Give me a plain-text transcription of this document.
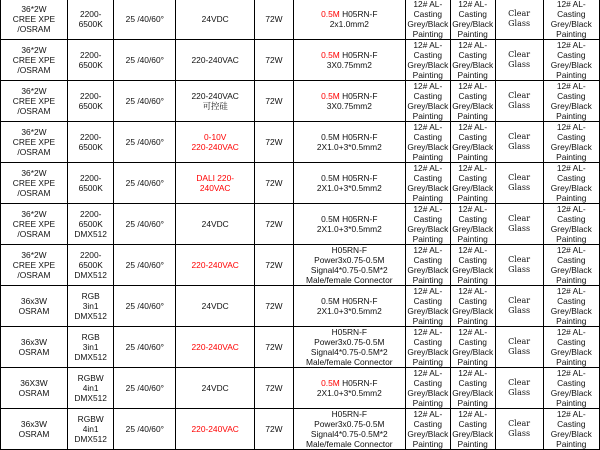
36*2W
CREE XPE
/OSRAM	2200-6500K	25 /40/60°	24VDC	72W	0.5M H05RN-F
2x1.0mm2	12# AL-
Casting
Grey/Black
Painting	12# AL-
Casting
Grey/Black
Painting	Clear Glass	12# AL-Casting
Grey/Black
Painting
36*2W
CREE XPE
/OSRAM	2200-6500K	25 /40/60°	220-240VAC	72W	0.5M H05RN-F
3X0.75mm2	12# AL-
Casting
Grey/Black
Painting	12# AL-
Casting
Grey/Black
Painting	Clear Glass	12# AL-Casting
Grey/Black
Painting
36*2W
CREE XPE
/OSRAM	2200-6500K	25 /40/60°	220-240VAC
可控硅	72W	0.5M H05RN-F
3X0.75mm2	12# AL-
Casting
Grey/Black
Painting	12# AL-
Casting
Grey/Black
Painting	Clear Glass	12# AL-Casting
Grey/Black
Painting
36*2W
CREE XPE
/OSRAM	2200-6500K	25 /40/60°	0-10V
220-240VAC	72W	0.5M H05RN-F
2X1.0+3*0.5mm2	12# AL-
Casting
Grey/Black
Painting	12# AL-
Casting
Grey/Black
Painting	Clear Glass	12# AL-Casting
Grey/Black
Painting
36*2W
CREE XPE
/OSRAM	2200-6500K	25 /40/60°	DALI 220-
240VAC	72W	0.5M H05RN-F
2X1.0+3*0.5mm2	12# AL-
Casting
Grey/Black
Painting	12# AL-
Casting
Grey/Black
Painting	Clear Glass	12# AL-Casting
Grey/Black
Painting
36*2W
CREE XPE
/OSRAM	2200-6500K
DMX512	25 /40/60°	24VDC	72W	0.5M H05RN-F
2X1.0+3*0.5mm2	12# AL-
Casting
Grey/Black
Painting	12# AL-
Casting
Grey/Black
Painting	Clear Glass	12# AL-Casting
Grey/Black
Painting
36*2W
CREE XPE
/OSRAM	2200-6500K
DMX512	25 /40/60°	220-240VAC	72W	H05RN-F
Power3x0.75-0.5M
Signal4*0.75-0.5M*2
Male/female Connector	12# AL-
Casting
Grey/Black
Painting	12# AL-
Casting
Grey/Black
Painting	Clear Glass	12# AL-Casting
Grey/Black
Painting
36x3W
OSRAM	RGB
3in1
DMX512	25 /40/60°	24VDC	72W	0.5M H05RN-F
2X1.0+3*0.5mm2	12# AL-
Casting
Grey/Black
Painting	12# AL-
Casting
Grey/Black
Painting	Clear Glass	12# AL-Casting
Grey/Black
Painting
36x3W
OSRAM	RGB
3in1
DMX512	25 /40/60°	220-240VAC	72W	H05RN-F
Power3x0.75-0.5M
Signal4*0.75-0.5M*2
Male/female Connector	12# AL-
Casting
Grey/Black
Painting	12# AL-
Casting
Grey/Black
Painting	Clear Glass	12# AL-Casting
Grey/Black
Painting
36X3W
OSRAM	RGBW
4in1
DMX512	25 /40/60°	24VDC	72W	0.5M H05RN-F
2X1.0+3*0.5mm2	12# AL-
Casting
Grey/Black
Painting	12# AL-
Casting
Grey/Black
Painting	Clear Glass	12# AL-Casting
Grey/Black
Painting
36x3W
OSRAM	RGBW
4in1
DMX512	25 /40/60°	220-240VAC	72W	H05RN-F
Power3x0.75-0.5M
Signal4*0.75-0.5M*2
Male/female Connector	12# AL-
Casting
Grey/Black
Painting	12# AL-
Casting
Grey/Black
Painting	Clear Glass	12# AL-Casting
Grey/Black
Painting
